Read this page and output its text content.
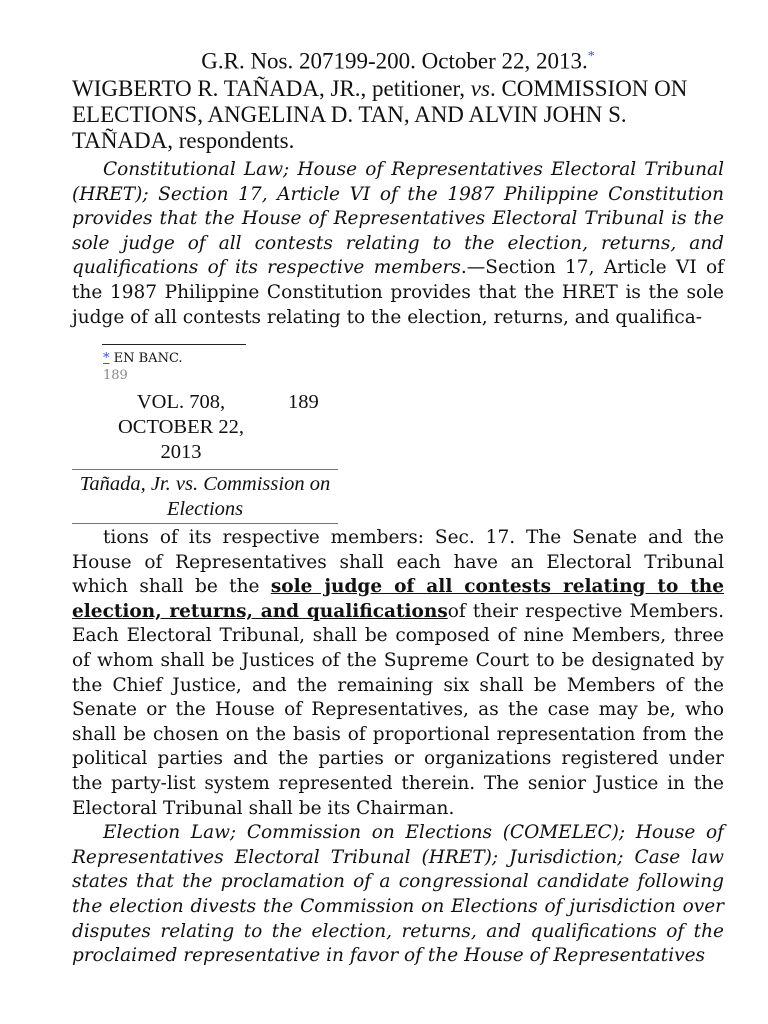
G.R. Nos. 207199-200. October 22, 2013.*
WIGBERTO R. TAÑADA, JR., petitioner, vs. COMMISSION ON ELECTIONS, ANGELINA D. TAN, AND ALVIN JOHN S. TAÑADA, respondents.

Constitutional Law; House of Representatives Electoral Tribunal (HRET); Section 17, Article VI of the 1987 Philippine Constitution provides that the House of Representatives Electoral Tribunal is the sole judge of all contests relating to the election, returns, and qualifications of its respective members.—Section 17, Article VI of the 1987 Philippine Constitution provides that the HRET is the sole judge of all contests relating to the election, returns, and qualifica-

* EN BANC.
189
VOL. 708, OCTOBER 22, 2013
189
Tañada, Jr. vs. Commission on Elections

tions of its respective members: Sec. 17. The Senate and the House of Representatives shall each have an Electoral Tribunal which shall be the sole judge of all contests relating to the election, returns, and qualificationsof their respective Members. Each Electoral Tribunal, shall be composed of nine Members, three of whom shall be Justices of the Supreme Court to be designated by the Chief Justice, and the remaining six shall be Members of the Senate or the House of Representatives, as the case may be, who shall be chosen on the basis of proportional representation from the political parties and the parties or organizations registered under the party-list system represented therein. The senior Justice in the Electoral Tribunal shall be its Chairman.

Election Law; Commission on Elections (COMELEC); House of Representatives Electoral Tribunal (HRET); Jurisdiction; Case law states that the proclamation of a congressional candidate following the election divests the Commission on Elections of jurisdiction over disputes relating to the election, returns, and qualifications of the proclaimed representative in favor of the House of Representatives
